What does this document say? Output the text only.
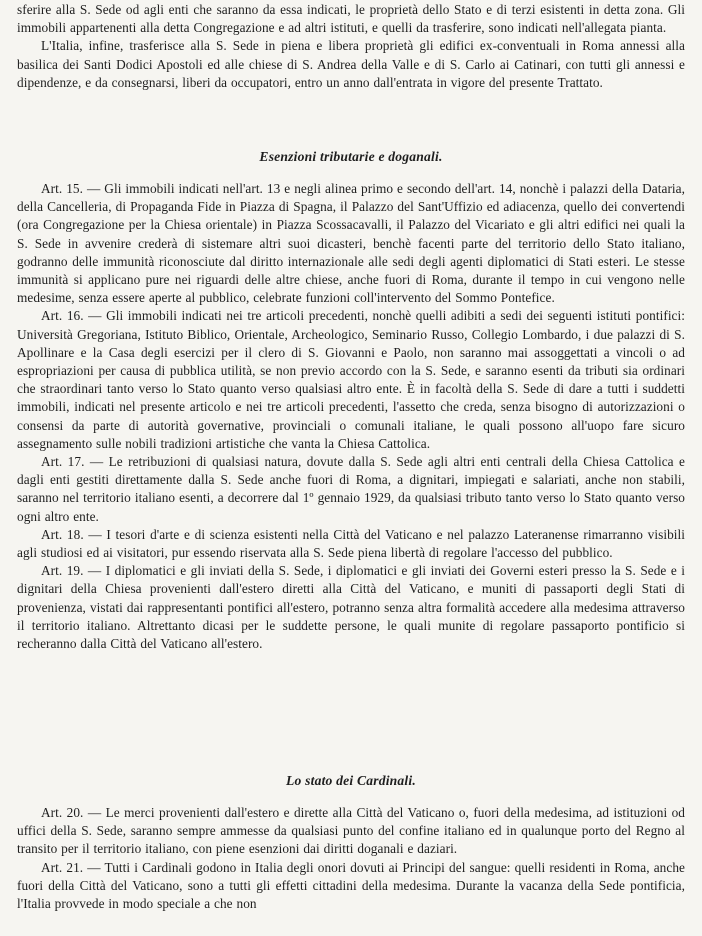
sferire alla S. Sede od agli enti che saranno da essa indicati, le proprietà dello Stato e di terzi esistenti in detta zona. Gli immobili appartenenti alla detta Congregazione e ad altri istituti, e quelli da trasferire, sono indicati nell'allegata pianta.

L'Italia, infine, trasferisce alla S. Sede in piena e libera proprietà gli edifici ex-conventuali in Roma annessi alla basilica dei Santi Dodici Apostoli ed alle chiese di S. Andrea della Valle e di S. Carlo ai Catinari, con tutti gli annessi e dipendenze, e da consegnarsi, liberi da occupatori, entro un anno dall'entrata in vigore del presente Trattato.

Esenzioni tributarie e doganali.

Art. 15. — Gli immobili indicati nell'art. 13 e negli alinea primo e secondo dell'art. 14, nonchè i palazzi della Dataria, della Cancelleria, di Propaganda Fide in Piazza di Spagna, il Palazzo del Sant'Uffizio ed adiacenza, quello dei convertendi (ora Congregazione per la Chiesa orientale) in Piazza Scossacavalli, il Palazzo del Vicariato e gli altri edifici nei quali la S. Sede in avvenire crederà di sistemare altri suoi dicasteri, benchè facenti parte del territorio dello Stato italiano, godranno delle immunità riconosciute dal diritto internazionale alle sedi degli agenti diplomatici di Stati esteri. Le stesse immunità si applicano pure nei riguardi delle altre chiese, anche fuori di Roma, durante il tempo in cui vengono nelle medesime, senza essere aperte al pubblico, celebrate funzioni coll'intervento del Sommo Pontefice.

Art. 16. — Gli immobili indicati nei tre articoli precedenti, nonchè quelli adibiti a sedi dei seguenti istituti pontifici: Università Gregoriana, Istituto Biblico, Orientale, Archeologico, Seminario Russo, Collegio Lombardo, i due palazzi di S. Apollinare e la Casa degli esercizi per il clero di S. Giovanni e Paolo, non saranno mai assoggettati a vincoli o ad espropriazioni per causa di pubblica utilità, se non previo accordo con la S. Sede, e saranno esenti da tributi sia ordinari che straordinari tanto verso lo Stato quanto verso qualsiasi altro ente. È in facoltà della S. Sede di dare a tutti i suddetti immobili, indicati nel presente articolo e nei tre articoli precedenti, l'assetto che creda, senza bisogno di autorizzazioni o consensi da parte di autorità governative, provinciali o comunali italiane, le quali possono all'uopo fare sicuro assegnamento sulle nobili tradizioni artistiche che vanta la Chiesa Cattolica.

Art. 17. — Le retribuzioni di qualsiasi natura, dovute dalla S. Sede agli altri enti centrali della Chiesa Cattolica e dagli enti gestiti direttamente dalla S. Sede anche fuori di Roma, a dignitari, impiegati e salariati, anche non stabili, saranno nel territorio italiano esenti, a decorrere dal 1º gennaio 1929, da qualsiasi tributo tanto verso lo Stato quanto verso ogni altro ente.

Art. 18. — I tesori d'arte e di scienza esistenti nella Città del Vaticano e nel palazzo Lateranense rimarranno visibili agli studiosi ed ai visitatori, pur essendo riservata alla S. Sede piena libertà di regolare l'accesso del pubblico.

Art. 19. — I diplomatici e gli inviati della S. Sede, i diplomatici e gli inviati dei Governi esteri presso la S. Sede e i dignitari della Chiesa provenienti dall'estero diretti alla Città del Vaticano, e muniti di passaporti degli Stati di provenienza, vistati dai rappresentanti pontifici all'estero, potranno senza altra formalità accedere alla medesima attraverso il territorio italiano. Altrettanto dicasi per le suddette persone, le quali munite di regolare passaporto pontificio si recheranno dalla Città del Vaticano all'estero.

Lo stato dei Cardinali.

Art. 20. — Le merci provenienti dall'estero e dirette alla Città del Vaticano o, fuori della medesima, ad istituzioni od uffici della S. Sede, saranno sempre ammesse da qualsiasi punto del confine italiano ed in qualunque porto del Regno al transito per il territorio italiano, con piene esenzioni dai diritti doganali e daziari.

Art. 21. — Tutti i Cardinali godono in Italia degli onori dovuti ai Principi del sangue: quelli residenti in Roma, anche fuori della Città del Vaticano, sono a tutti gli effetti cittadini della medesima. Durante la vacanza della Sede pontificia, l'Italia provvede in modo speciale a che non
